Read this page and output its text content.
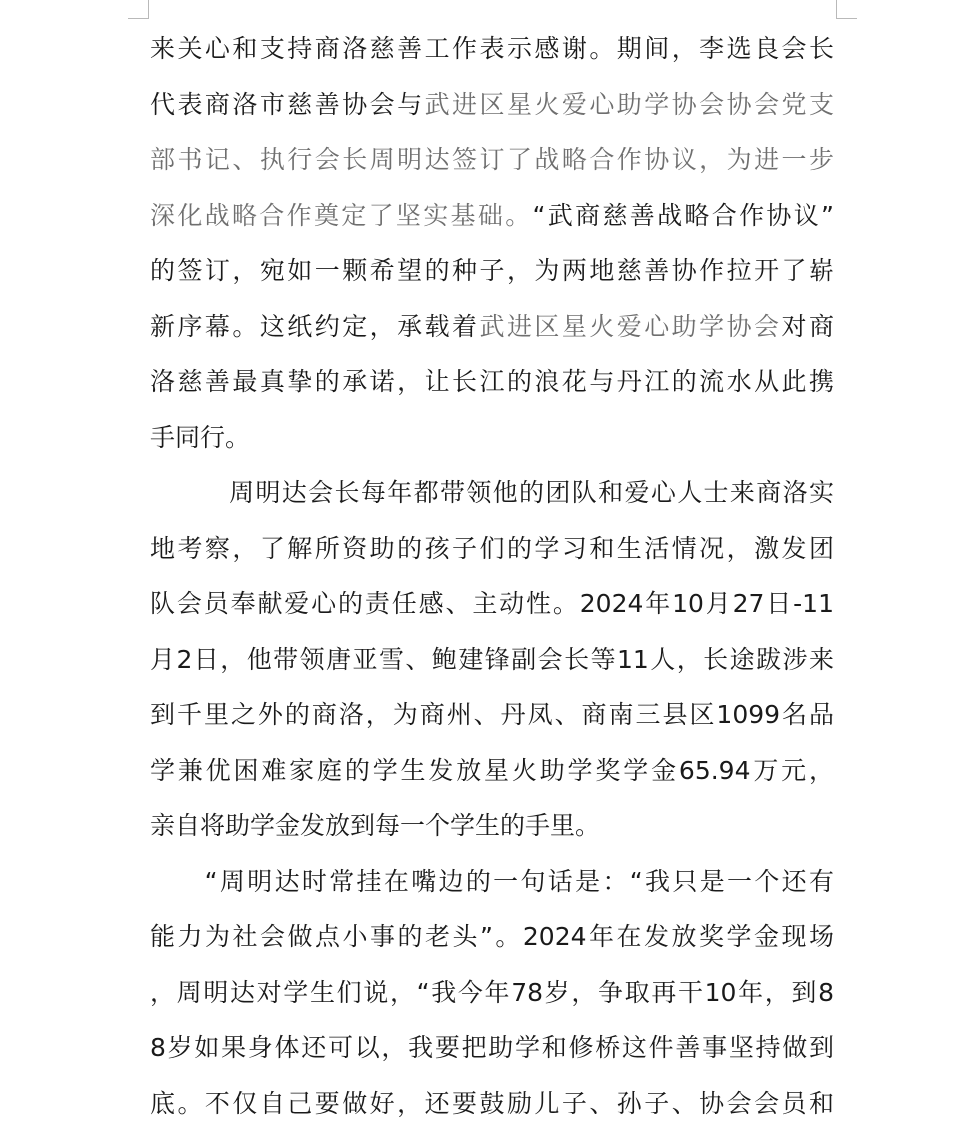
来关心和支持商洛慈善工作表示感谢。期间，李选良会长
代表商洛市慈善协会与武进区星火爱心助学协会协会党支
部书记、执行会长周明达签订了战略合作协议，为进一步
深化战略合作奠定了坚实基础。“武商慈善战略合作协议”
的签订，宛如一颗希望的种子，为两地慈善协作拉开了崭
新序幕。这纸约定，承载着武进区星火爱心助学协会对商
洛慈善最真挚的承诺，让长江的浪花与丹江的流水从此携
手同行。
　　　周明达会长每年都带领他的团队和爱心人士来商洛实
地考察，了解所资助的孩子们的学习和生活情况，激发团
队会员奉献爱心的责任感、主动性。2024年10月27日-11
月2日，他带领唐亚雪、鲍建锋副会长等11人，长途跋涉来
到千里之外的商洛，为商州、丹凤、商南三县区1099名品
学兼优困难家庭的学生发放星火助学奖学金65.94万元，
亲自将助学金发放到每一个学生的手里。
　　“周明达时常挂在嘴边的一句话是：“我只是一个还有
能力为社会做点小事的老头”。2024年在发放奖学金现场
，周明达对学生们说，“我今年78岁，争取再干10年，到8
8岁如果身体还可以，我要把助学和修桥这件善事坚持做到
底。不仅自己要做好，还要鼓励儿子、孙子、协会会员和
